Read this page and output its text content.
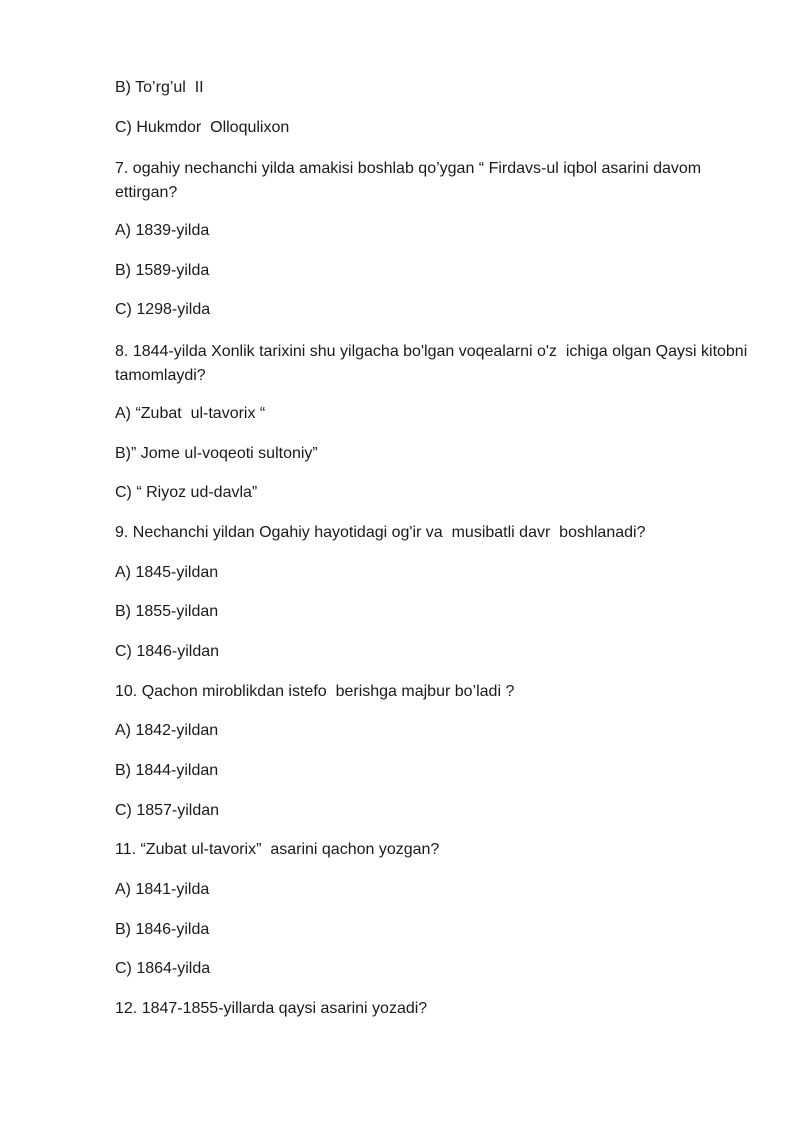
B) To’rg’ul  II

C) Hukmdor  Olloqulixon

7. ogahiy nechanchi yilda amakisi boshlab qo’ygan “ Firdavs-ul iqbol asarini davom ettirgan?

A) 1839-yilda

B) 1589-yilda

C) 1298-yilda

8. 1844-yilda Xonlik tarixini shu yilgacha bo'lgan voqealarni o'z  ichiga olgan Qaysi kitobni tamomlaydi?

A) “Zubat  ul-tavorix “

B)” Jome ul-voqeoti sultoniy”

C) “ Riyoz ud-davla”

9. Nechanchi yildan Ogahiy hayotidagi og'ir va  musibatli davr  boshlanadi?

A) 1845-yildan

B) 1855-yildan

C) 1846-yildan

10. Qachon miroblikdan istefo  berishga majbur bo’ladi ?

A) 1842-yildan

B) 1844-yildan

C) 1857-yildan

11. “Zubat ul-tavorix”  asarini qachon yozgan?

A) 1841-yilda

B) 1846-yilda

C) 1864-yilda

12. 1847-1855-yillarda qaysi asarini yozadi?
